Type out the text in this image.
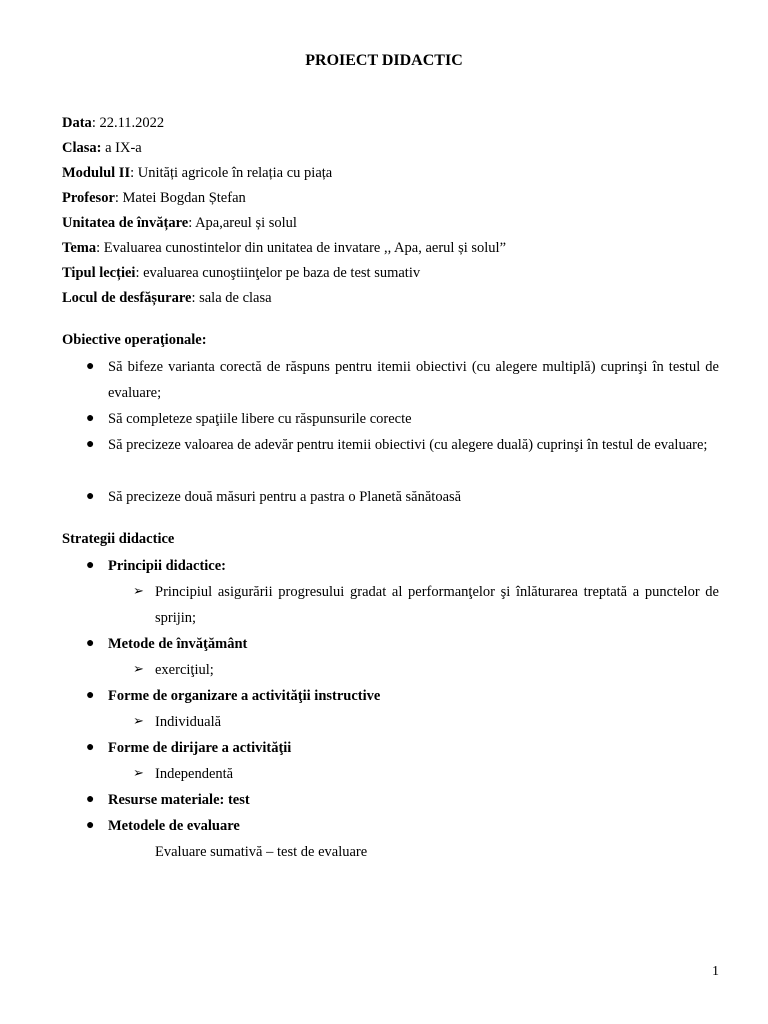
PROIECT DIDACTIC
Data: 22.11.2022
Clasa: a IX-a
Modulul II: Unități agricole în relația cu piața
Profesor: Matei Bogdan Ștefan
Unitatea de învățare: Apa,areul și solul
Tema: Evaluarea cunostintelor din unitatea de invatare ,, Apa, aerul și solul”
Tipul lecției: evaluarea cunoştiinţelor pe baza de test sumativ
Locul de desfășurare: sala de clasa
Obiective operaţionale:
● Să bifeze varianta corectă de răspuns pentru itemii obiectivi (cu alegere multiplă) cuprinşi în testul de evaluare;
● Să completeze spaţiile libere cu răspunsurile corecte
● Să precizeze valoarea de adevăr pentru itemii obiectivi (cu alegere duală) cuprinşi în testul de evaluare;
● Să precizeze două măsuri pentru a pastra o Planetă sănătoasă
Strategii didactice
● Principii didactice:
➢ Principiul asigurării progresului gradat al performanţelor şi înlăturarea treptată a punctelor de sprijin;
● Metode de învăţământ
➢ exerciţiul;
● Forme de organizare a activităţii instructive
➢ Individuală
● Forme de dirijare a activităţii
➢ Independentă
● Resurse materiale: test
● Metodele de evaluare
Evaluare sumativă – test de evaluare
1
